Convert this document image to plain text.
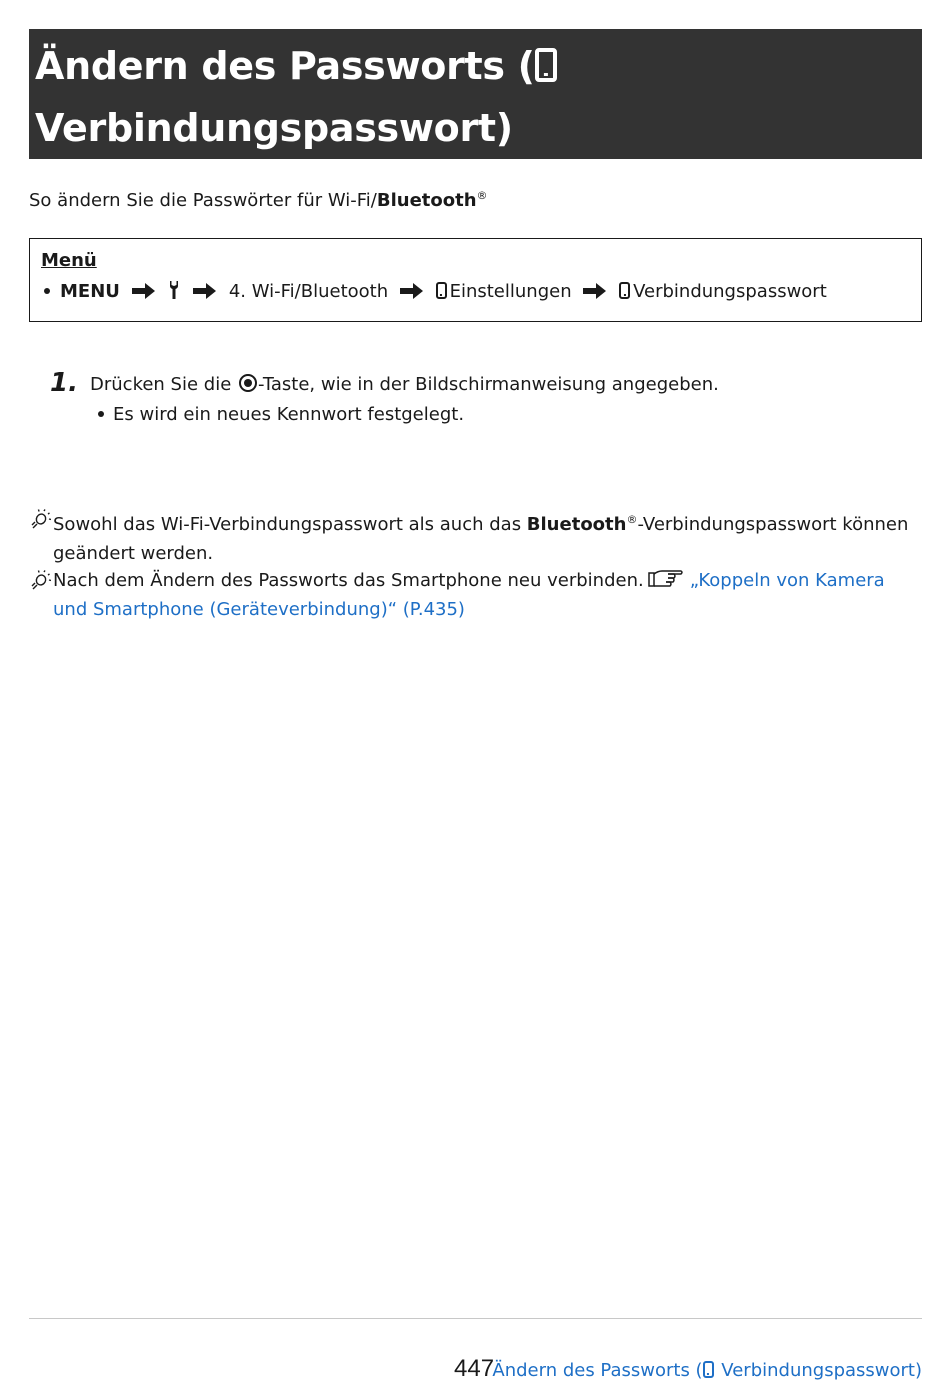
Ändern des Passworts (
Verbindungspasswort)
So ändern Sie die Passwörter für Wi-Fi/Bluetooth®
Menü
MENU	4. Wi-Fi/Bluetooth	Einstellungen	Verbindungspasswort
1. Drücken Sie die -Taste, wie in der Bildschirmanweisung angegeben.
Es wird ein neues Kennwort festgelegt.
Sowohl das Wi-Fi-Verbindungspasswort als auch das Bluetooth®-Verbindungspasswort können geändert werden.
Nach dem Ändern des Passworts das Smartphone neu verbinden.	„Koppeln von Kamera und Smartphone (Geräteverbindung)“ (P.435)
447
Ändern des Passworts ( Verbindungspasswort)
